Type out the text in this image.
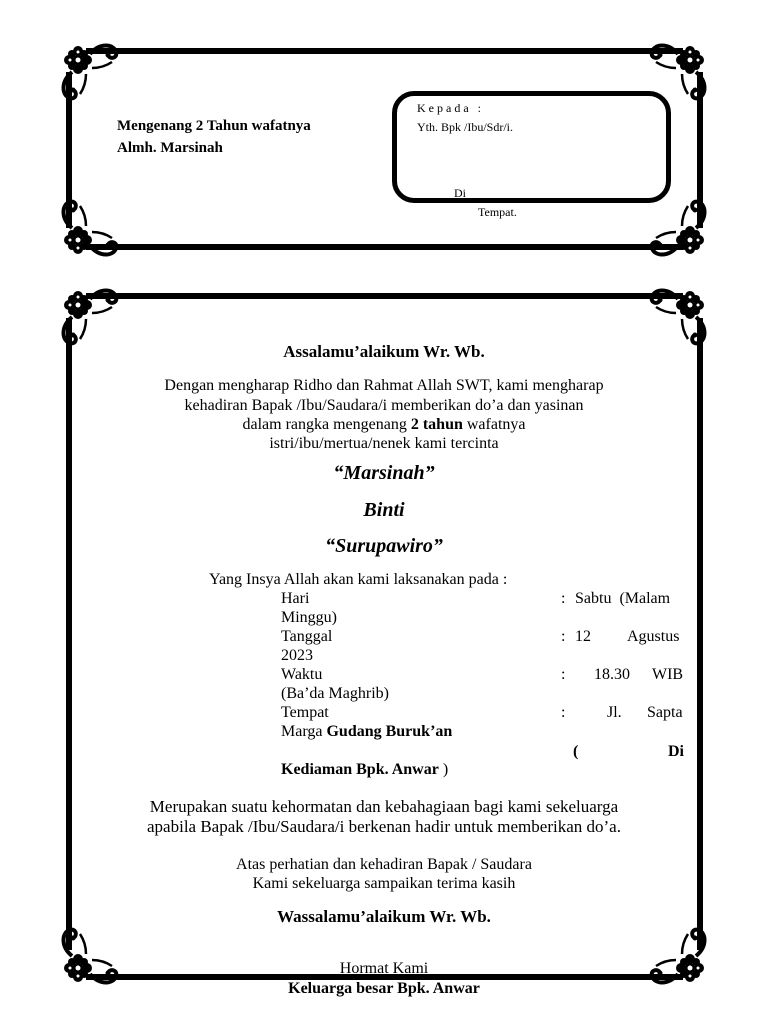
Mengenang 2 Tahun wafatnya
Almh. Marsinah
K e p a d a   :
Yth. Bpk /Ibu/Sdr/i.
Di
Tempat.
Assalamu’alaikum Wr. Wb.
Dengan mengharap Ridho dan Rahmat Allah SWT, kami mengharap
kehadiran Bapak /Ibu/Saudara/i memberikan do’a dan yasinan
dalam rangka mengenang 2 tahun wafatnya
istri/ibu/mertua/nenek kami tercinta
“Marsinah”
Binti
“Surupawiro”
Yang Insya Allah akan kami laksanakan pada :
Hari	: Sabtu  (Malam
Minggu)
Tanggal	: 12 Agustus
2023
Waktu	: 18.30 WIB
(Ba’da Maghrib)
Tempat	:	Jl. Sapta
Marga Gudang Buruk’an
(	Di
Kediaman Bpk. Anwar )
Merupakan suatu kehormatan dan kebahagiaan bagi kami sekeluarga
apabila Bapak /Ibu/Saudara/i berkenan hadir untuk memberikan do’a.
Atas perhatian dan kehadiran Bapak / Saudara
Kami sekeluarga sampaikan terima kasih
Wassalamu’alaikum Wr. Wb.
Hormat Kami
Keluarga besar Bpk. Anwar
